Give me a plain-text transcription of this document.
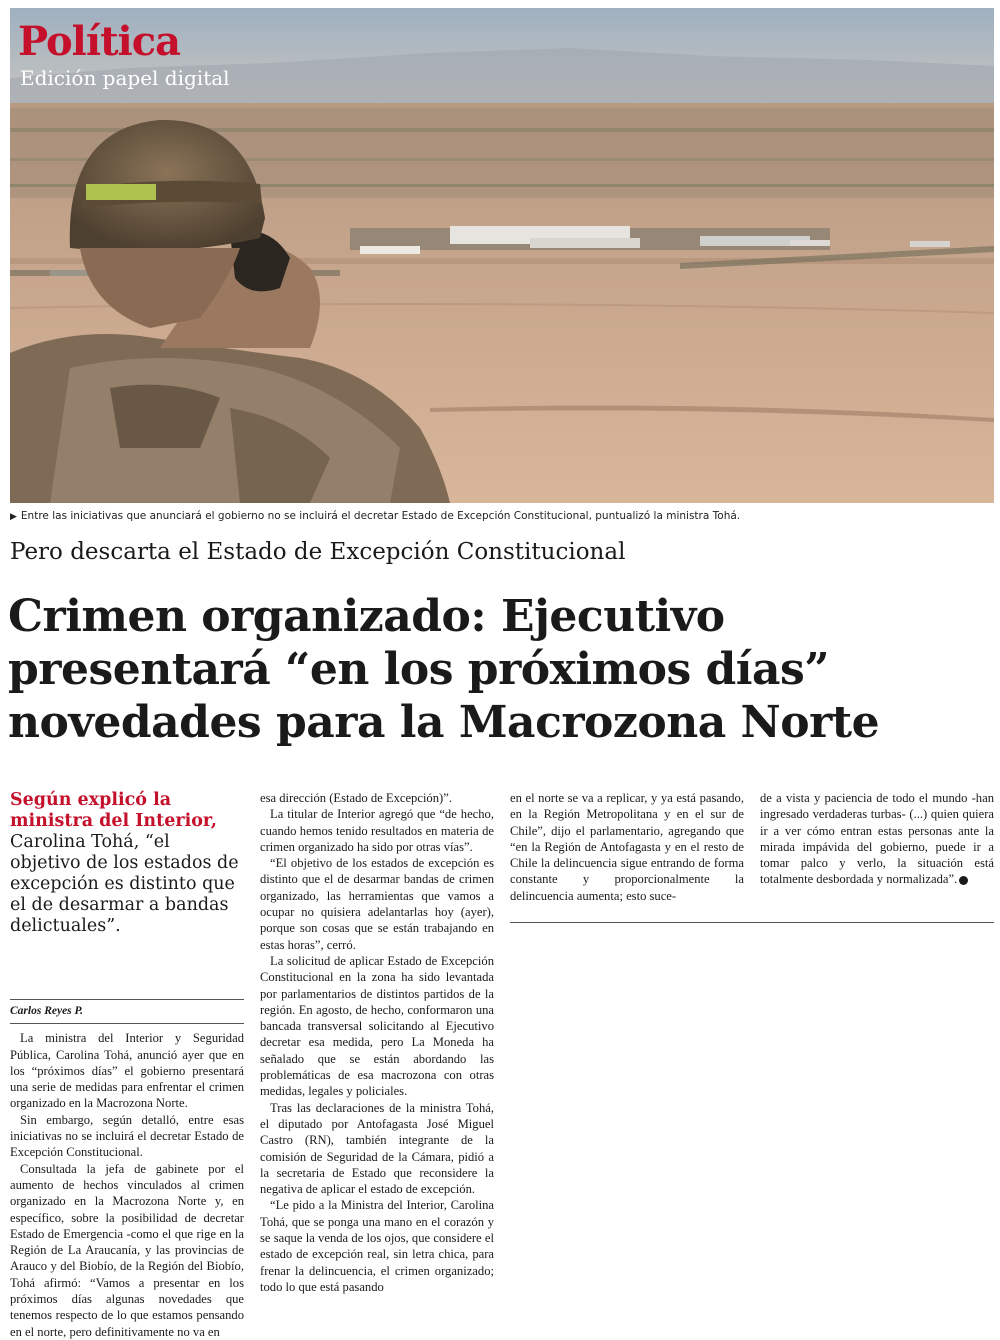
Política
Edición papel digital
▶ Entre las iniciativas que anunciará el gobierno no se incluirá el decretar Estado de Excepción Constitucional, puntualizó la ministra Tohá.
Pero descarta el Estado de Excepción Constitucional
Crimen organizado: Ejecutivo presentará “en los próximos días” novedades para la Macrozona Norte
Según explicó la ministra del Interior, Carolina Tohá, “el objetivo de los estados de excepción es distinto que el de desarmar a bandas delictuales”.
Carlos Reyes P.

La ministra del Interior y Seguridad Pública, Carolina Tohá, anunció ayer que en los “próximos días” el gobierno presentará una serie de medidas para enfrentar el crimen organizado en la Macrozona Norte.

Sin embargo, según detalló, entre esas iniciativas no se incluirá el decretar Estado de Excepción Constitucional.

Consultada la jefa de gabinete por el aumento de hechos vinculados al crimen organizado en la Macrozona Norte y, en específico, sobre la posibilidad de decretar Estado de Emergencia -como el que rige en la Región de La Araucanía, y las provincias de Arauco y del Biobío, de la Región del Biobío, Tohá afirmó: “Vamos a presentar en los próximos días algunas novedades que tenemos respecto de lo que estamos pensando en el norte, pero definitivamente no va en

esa dirección (Estado de Excepción)”.

La titular de Interior agregó que “de hecho, cuando hemos tenido resultados en materia de crimen organizado ha sido por otras vías”.

“El objetivo de los estados de excepción es distinto que el de desarmar bandas de crimen organizado, las herramientas que vamos a ocupar no quisiera adelantarlas hoy (ayer), porque son cosas que se están trabajando en estas horas”, cerró.

La solicitud de aplicar Estado de Excepción Constitucional en la zona ha sido levantada por parlamentarios de distintos partidos de la región. En agosto, de hecho, conformaron una bancada transversal solicitando al Ejecutivo decretar esa medida, pero La Moneda ha señalado que se están abordando las problemáticas de esa macrozona con otras medidas, legales y policiales.

Tras las declaraciones de la ministra Tohá, el diputado por Antofagasta José Miguel Castro (RN), también integrante de la comisión de Seguridad de la Cámara, pidió a la secretaria de Estado que reconsidere la negativa de aplicar el estado de excepción.

“Le pido a la Ministra del Interior, Carolina Tohá, que se ponga una mano en el corazón y se saque la venda de los ojos, que considere el estado de excepción real, sin letra chica, para frenar la delincuencia, el crimen organizado; todo lo que está pasando

en el norte se va a replicar, y ya está pasando, en la Región Metropolitana y en el sur de Chile”, dijo el parlamentario, agregando que “en la Región de Antofagasta y en el resto de Chile la delincuencia sigue entrando de forma constante y proporcionalmente la delincuencia aumenta; esto suce-

de a vista y paciencia de todo el mundo -han ingresado verdaderas turbas- (...) quien quiera ir a ver cómo entran estas personas ante la mirada impávida del gobierno, puede ir a tomar palco y verlo, la situación está totalmente desbordada y normalizada”.
